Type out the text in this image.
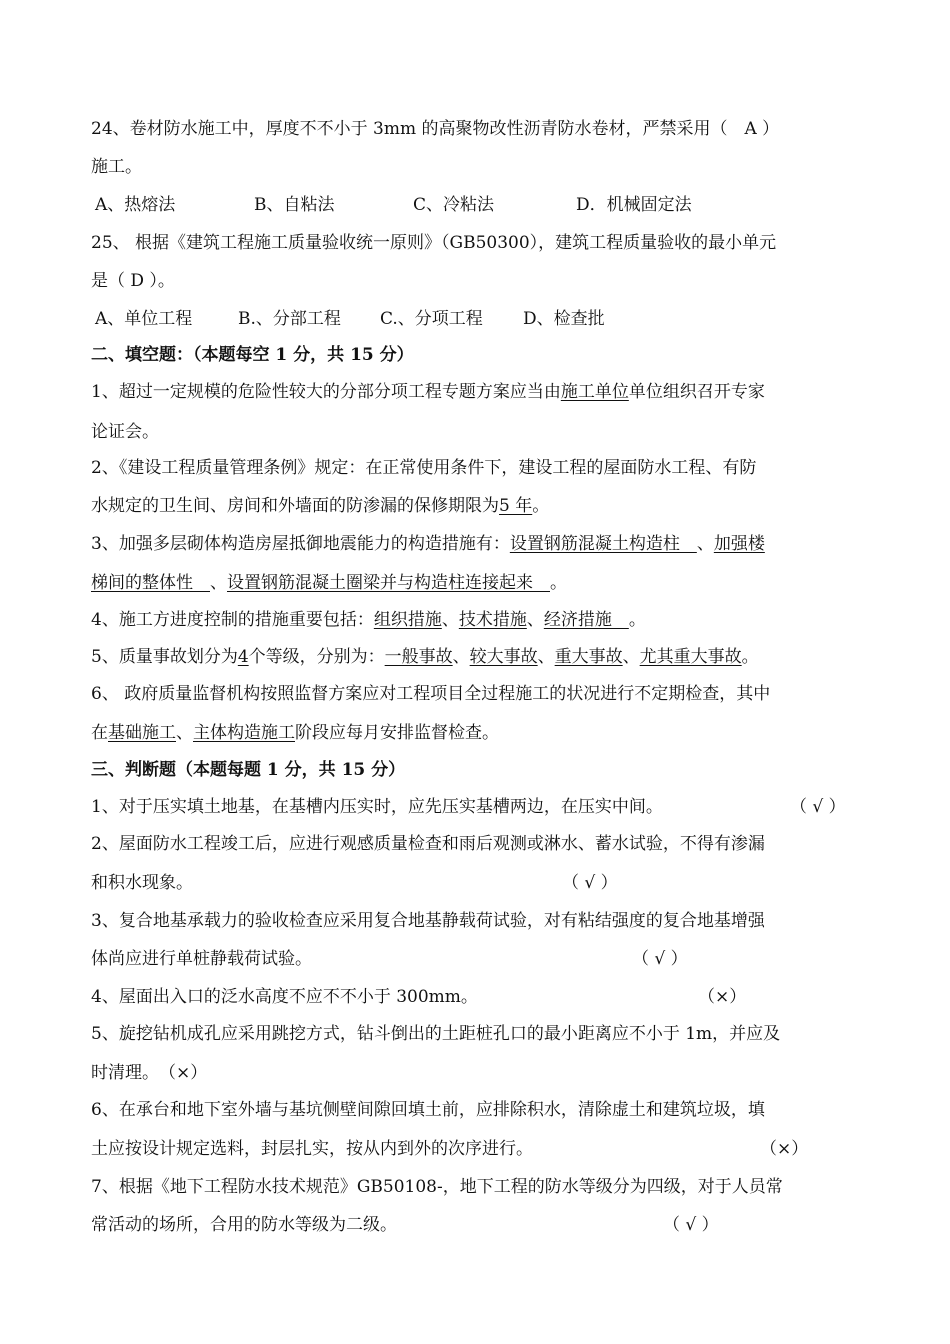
24、卷材防水施工中，厚度不不小于 3mm 的高聚物改性沥青防水卷材，严禁采用（　A ）
施工。
A、热熔法	B、自粘法	C、冷粘法	D．机械固定法
25、 根据《建筑工程施工质量验收统一原则》（GB50300），建筑工程质量验收的最小单元
是（ D ）。
A、单位工程	B.、分部工程 C.、分项工程 D、检查批
二、填空题：（本题每空 1 分，共 15 分）
1、超过一定规模的危险性较大的分部分项工程专题方案应当由施工单位单位组织召开专家
论证会。
2、《建设工程质量管理条例》规定：在正常使用条件下，建设工程的屋面防水工程、有防
水规定的卫生间、房间和外墙面的防渗漏的保修期限为5 年。
3、加强多层砌体构造房屋抵御地震能力的构造措施有：设置钢筋混凝土构造柱　、加强楼
梯间的整体性　、设置钢筋混凝土圈梁并与构造柱连接起来　。
4、施工方进度控制的措施重要包括：组织措施、技术措施、经济措施　。
5、质量事故划分为4个等级，分别为：一般事故、较大事故、重大事故、尤其重大事故。
6、 政府质量监督机构按照监督方案应对工程项目全过程施工的状况进行不定期检查，其中
在基础施工、主体构造施工阶段应每月安排监督检查。
三、判断题（本题每题 1 分，共 15 分）
1、对于压实填土地基，在基槽内压实时，应先压实基槽两边，在压实中间。	（ √ ）
2、屋面防水工程竣工后，应进行观感质量检查和雨后观测或淋水、蓄水试验，不得有渗漏
和积水现象。	（ √ ）
3、复合地基承载力的验收检查应采用复合地基静载荷试验，对有粘结强度的复合地基增强
体尚应进行单桩静载荷试验。	（ √ ）
4、屋面出入口的泛水高度不应不不小于 300mm。	（×）
5、旋挖钻机成孔应采用跳挖方式，钻斗倒出的土距桩孔口的最小距离应不小于 1m，并应及
时清理。　（×）
6、在承台和地下室外墙与基坑侧壁间隙回填土前，应排除积水，清除虚土和建筑垃圾，填
土应按设计规定选料，封层扎实，按从内到外的次序进行。	（×）
7、根据《地下工程防水技术规范》GB50108-，地下工程的防水等级分为四级，对于人员常
常活动的场所，合用的防水等级为二级。	（ √ ）
